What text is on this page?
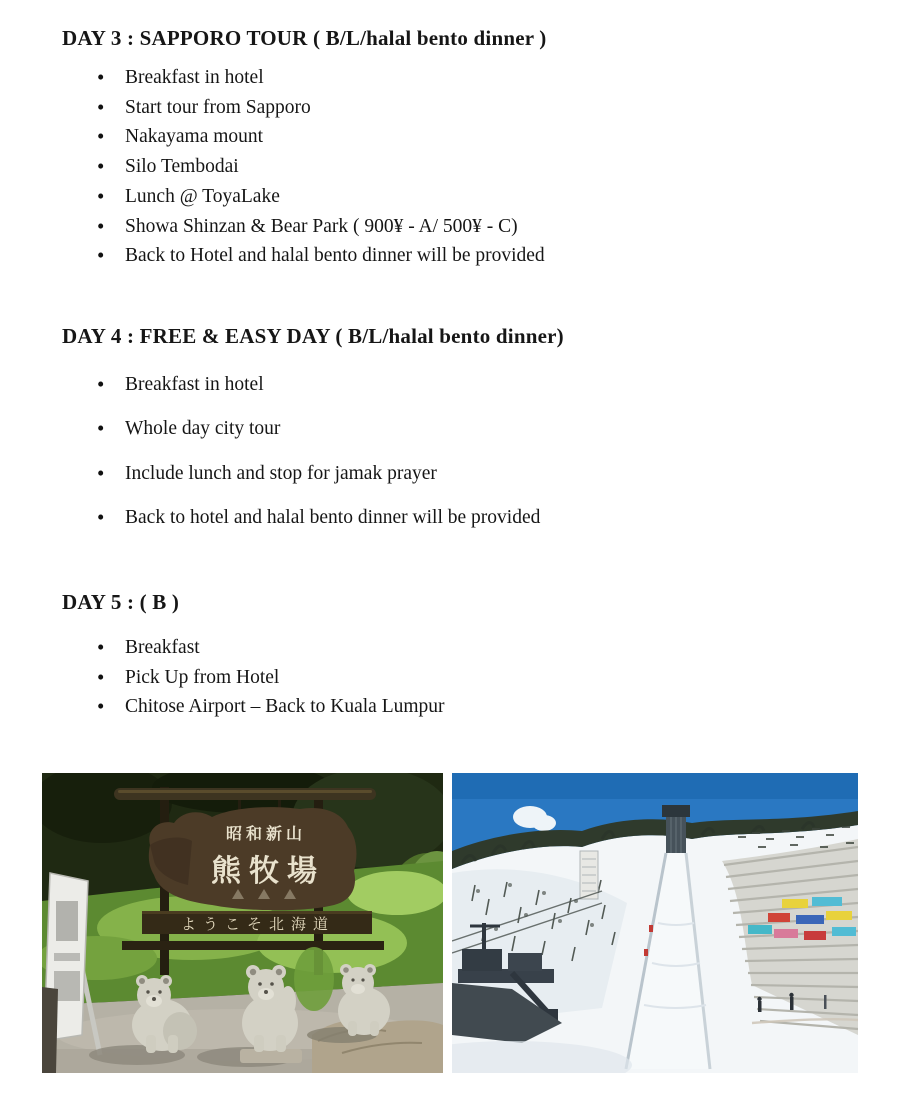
DAY 3 : SAPPORO TOUR ( B/L/halal bento dinner )
• Breakfast in hotel
• Start tour from Sapporo
• Nakayama mount
• Silo Tembodai
• Lunch @ ToyaLake
• Showa Shinzan & Bear Park ( 900¥ - A/ 500¥ - C)
• Back to Hotel and halal bento dinner will be provided
DAY 4 : FREE & EASY DAY ( B/L/halal bento dinner)
• Breakfast in hotel
• Whole day city tour
• Include lunch and stop for jamak prayer
• Back to hotel and halal bento dinner will be provided
DAY 5 : ( B )
• Breakfast
• Pick Up from Hotel
• Chitose Airport – Back to Kuala Lumpur
昭和新山
熊牧場
ようこそ北海道
